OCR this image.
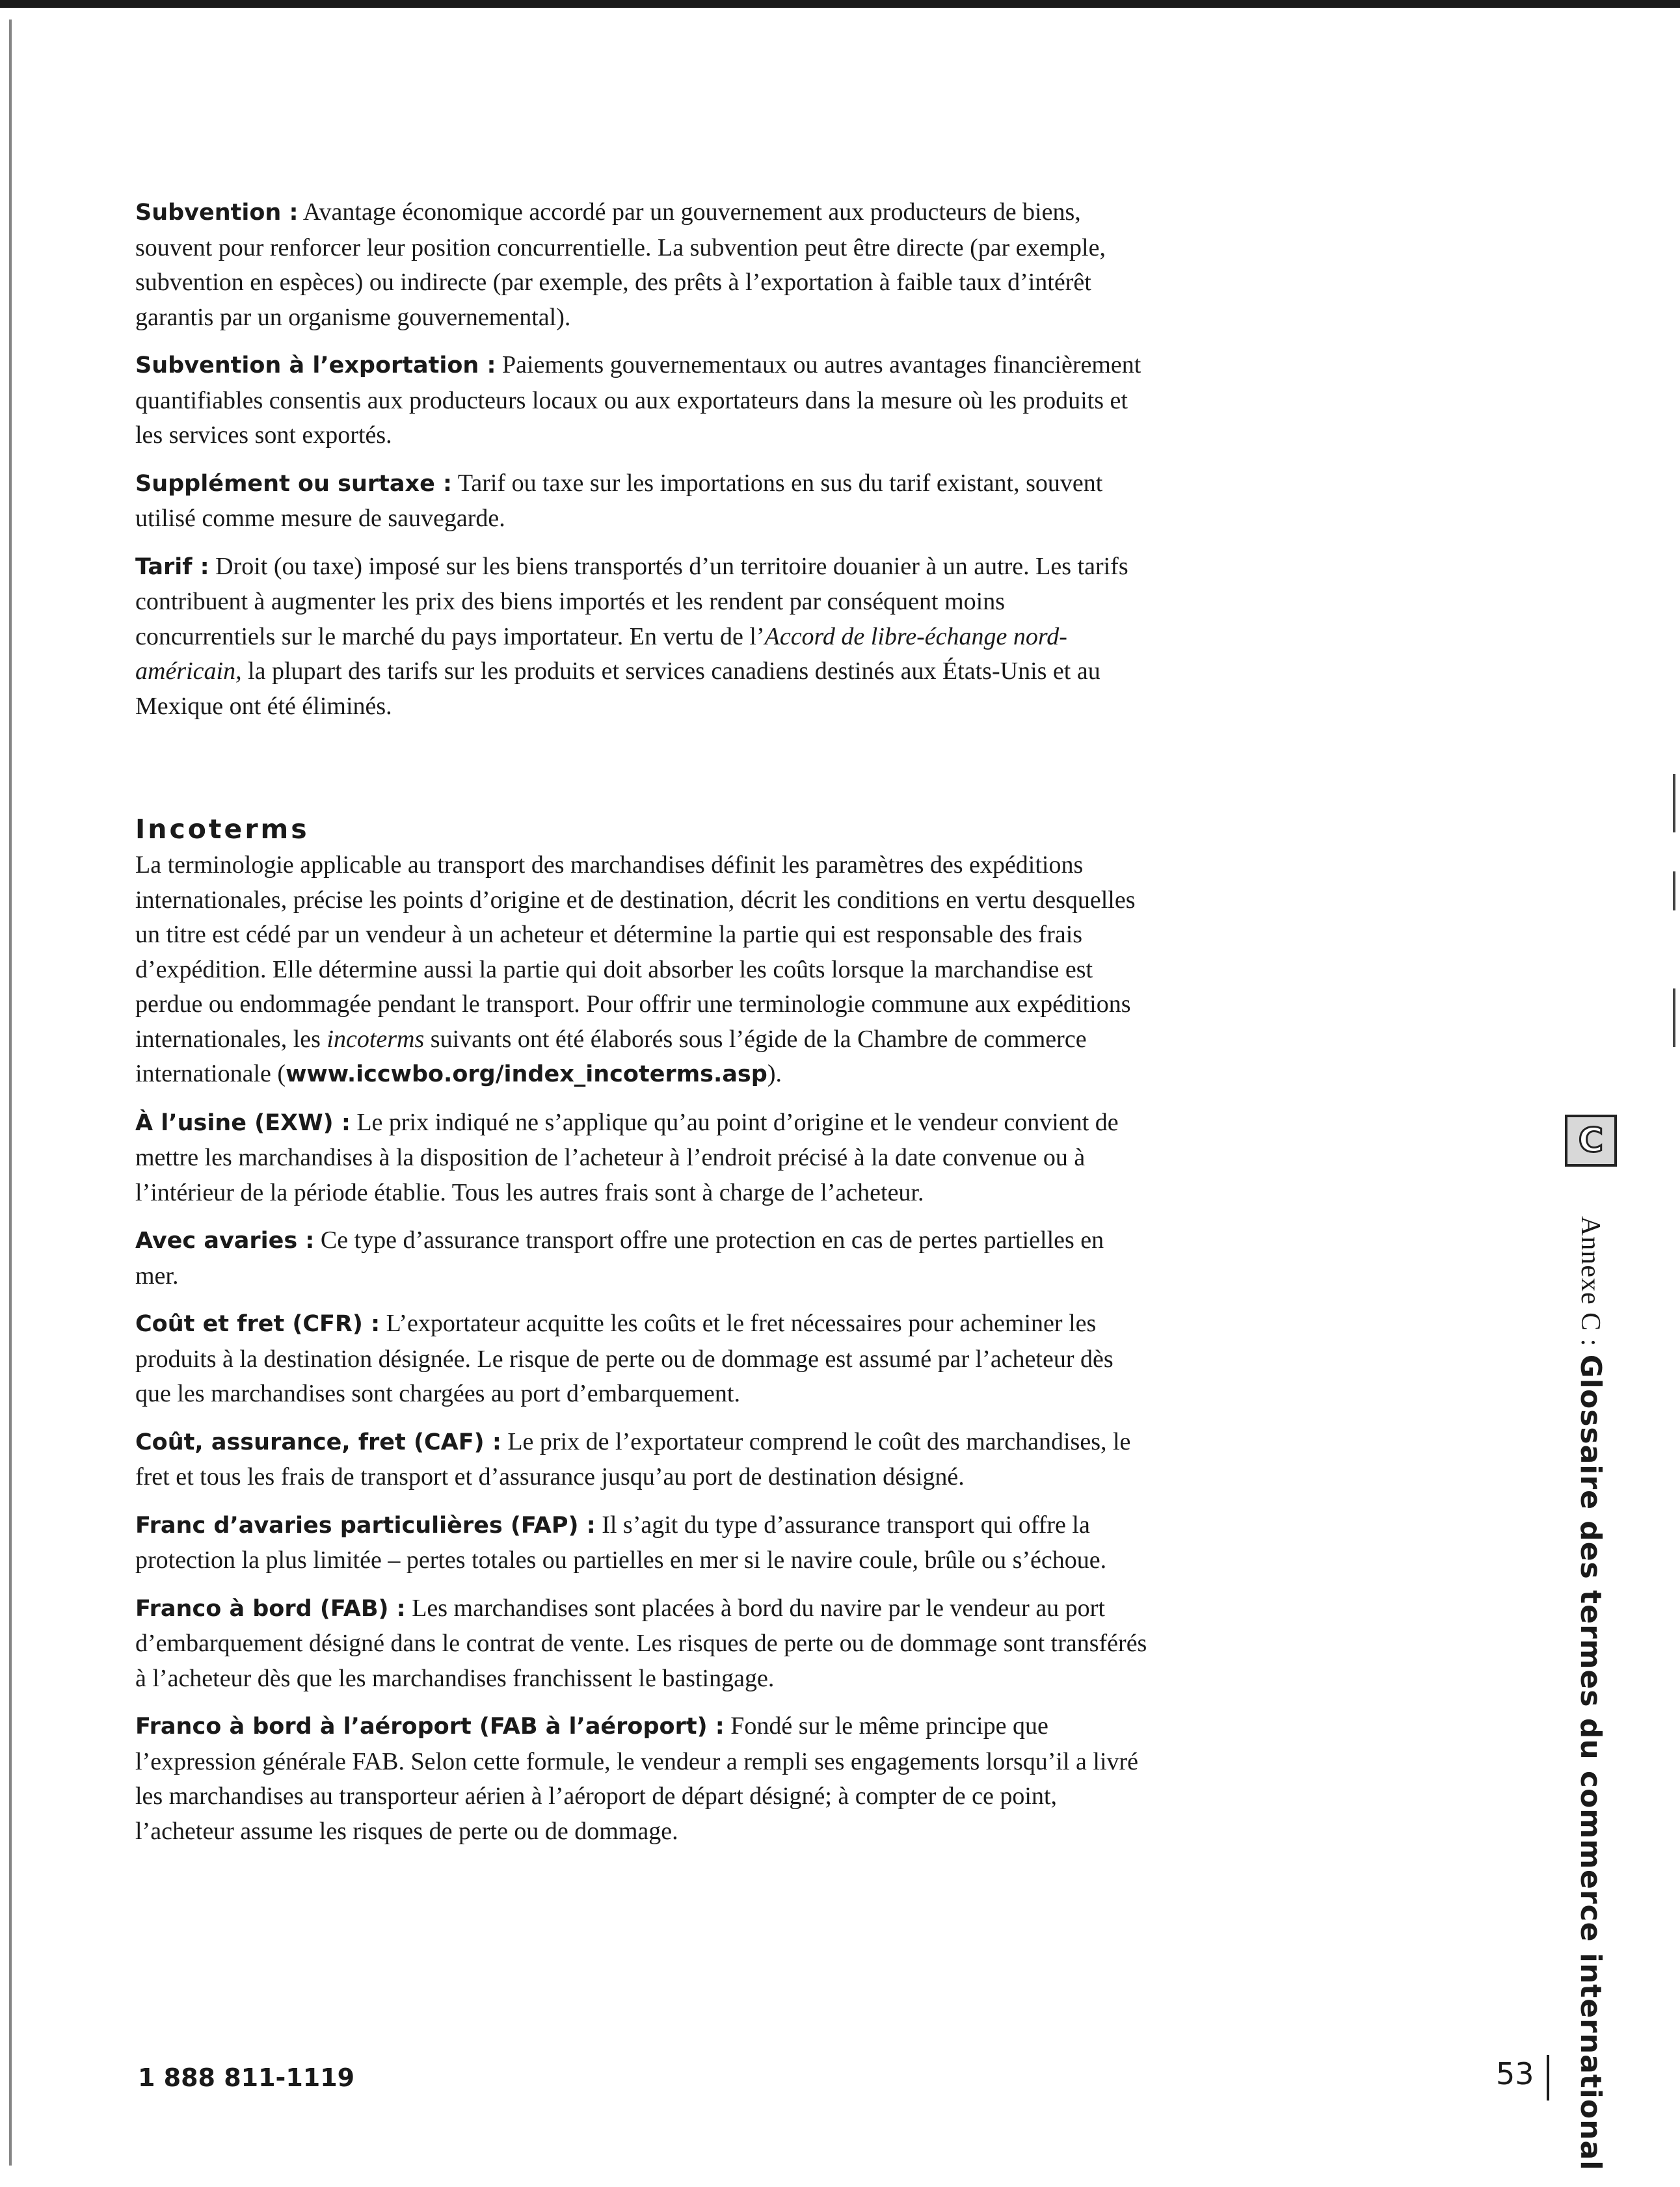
Subvention : Avantage économique accordé par un gouvernement aux producteurs de biens, souvent pour renforcer leur position concurrentielle. La subvention peut être directe (par exemple, subvention en espèces) ou indirecte (par exemple, des prêts à l’exportation à faible taux d’intérêt garantis par un organisme gouvernemental).

Subvention à l’exportation : Paiements gouvernementaux ou autres avantages financièrement quantifiables consentis aux producteurs locaux ou aux exportateurs dans la mesure où les produits et les services sont exportés.

Supplément ou surtaxe : Tarif ou taxe sur les importations en sus du tarif existant, souvent utilisé comme mesure de sauvegarde.

Tarif : Droit (ou taxe) imposé sur les biens transportés d’un territoire douanier à un autre. Les tarifs contribuent à augmenter les prix des biens importés et les rendent par conséquent moins concurrentiels sur le marché du pays importateur. En vertu de l’Accord de libre-échange nord-américain, la plupart des tarifs sur les produits et services canadiens destinés aux États-Unis et au Mexique ont été éliminés.

Incoterms

La terminologie applicable au transport des marchandises définit les paramètres des expéditions internationales, précise les points d’origine et de destination, décrit les conditions en vertu desquelles un titre est cédé par un vendeur à un acheteur et détermine la partie qui est responsable des frais d’expédition. Elle détermine aussi la partie qui doit absorber les coûts lorsque la marchandise est perdue ou endommagée pendant le transport. Pour offrir une terminologie commune aux expéditions internationales, les incoterms suivants ont été élaborés sous l’égide de la Chambre de commerce internationale (www.iccwbo.org/index_incoterms.asp).

À l’usine (EXW) : Le prix indiqué ne s’applique qu’au point d’origine et le vendeur convient de mettre les marchandises à la disposition de l’acheteur à l’endroit précisé à la date convenue ou à l’intérieur de la période établie. Tous les autres frais sont à charge de l’acheteur.

Avec avaries : Ce type d’assurance transport offre une protection en cas de pertes partielles en mer.

Coût et fret (CFR) : L’exportateur acquitte les coûts et le fret nécessaires pour acheminer les produits à la destination désignée. Le risque de perte ou de dommage est assumé par l’acheteur dès que les marchandises sont chargées au port d’embarquement.

Coût, assurance, fret (CAF) : Le prix de l’exportateur comprend le coût des marchandises, le fret et tous les frais de transport et d’assurance jusqu’au port de destination désigné.

Franc d’avaries particulières (FAP) : Il s’agit du type d’assurance transport qui offre la protection la plus limitée – pertes totales ou partielles en mer si le navire coule, brûle ou s’échoue.

Franco à bord (FAB) : Les marchandises sont placées à bord du navire par le vendeur au port d’embarquement désigné dans le contrat de vente. Les risques de perte ou de dommage sont transférés à l’acheteur dès que les marchandises franchissent le bastingage.

Franco à bord à l’aéroport (FAB à l’aéroport) : Fondé sur le même principe que l’expression générale FAB. Selon cette formule, le vendeur a rempli ses engagements lorsqu’il a livré les marchandises au transporteur aérien à l’aéroport de départ désigné; à compter de ce point, l’acheteur assume les risques de perte ou de dommage.

C
Annexe C : Glossaire des termes du commerce international
1 888 811-1119	53
